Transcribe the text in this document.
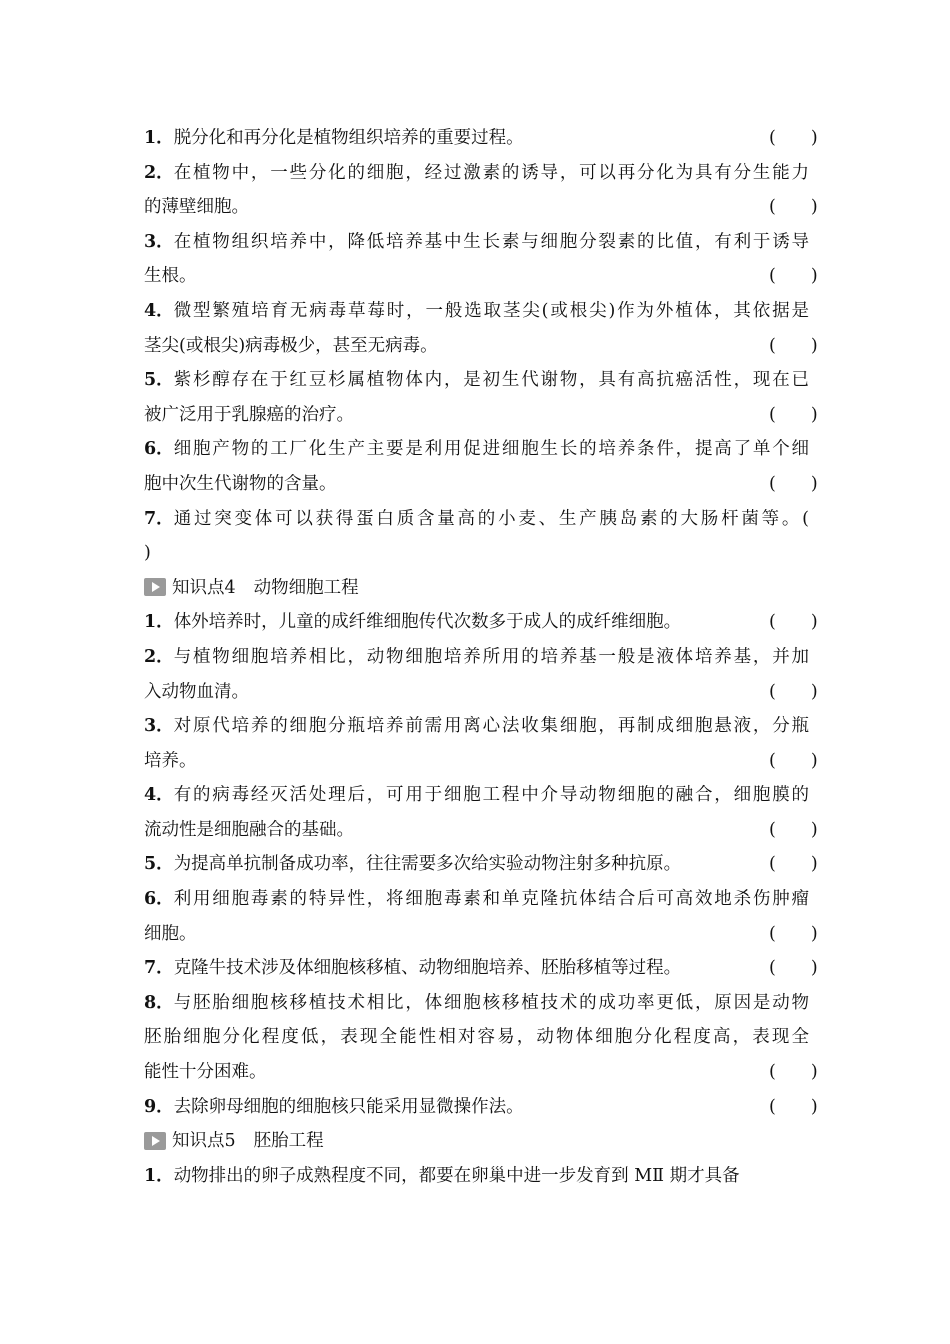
1． 脱分化和再分化是植物组织培养的重要过程。	(　　)
2． 在植物中，一些分化的细胞，经过激素的诱导，可以再分化为具有分生能力
的薄壁细胞。	(　　)
3． 在植物组织培养中，降低培养基中生长素与细胞分裂素的比值，有利于诱导
生根。	(　　)
4． 微型繁殖培育无病毒草莓时，一般选取茎尖(或根尖)作为外植体，其依据是
茎尖(或根尖)病毒极少，甚至无病毒。	(　　)
5． 紫杉醇存在于红豆杉属植物体内，是初生代谢物，具有高抗癌活性，现在已
被广泛用于乳腺癌的治疗。	(　　)
6． 细胞产物的工厂化生产主要是利用促进细胞生长的培养条件，提高了单个细
胞中次生代谢物的含量。	(　　)
7． 通过突变体可以获得蛋白质含量高的小麦、生产胰岛素的大肠杆菌等。(
)
知识点 4 动物细胞工程
1． 体外培养时，儿童的成纤维细胞传代次数多于成人的成纤维细胞。	(　　)
2． 与植物细胞培养相比，动物细胞培养所用的培养基一般是液体培养基，并加
入动物血清。	(　　)
3． 对原代培养的细胞分瓶培养前需用离心法收集细胞，再制成细胞悬液，分瓶
培养。	(　　)
4． 有的病毒经灭活处理后，可用于细胞工程中介导动物细胞的融合，细胞膜的
流动性是细胞融合的基础。	(　　)
5． 为提高单抗制备成功率，往往需要多次给实验动物注射多种抗原。	(　　)
6． 利用细胞毒素的特异性，将细胞毒素和单克隆抗体结合后可高效地杀伤肿瘤
细胞。	(　　)
7． 克隆牛技术涉及体细胞核移植、动物细胞培养、胚胎移植等过程。	(　　)
8． 与胚胎细胞核移植技术相比，体细胞核移植技术的成功率更低，原因是动物
胚胎细胞分化程度低，表现全能性相对容易，动物体细胞分化程度高，表现全
能性十分困难。	(　　)
9． 去除卵母细胞的细胞核只能采用显微操作法。	(　　)
知识点 5 胚胎工程
1． 动物排出的卵子成熟程度不同，都要在卵巢中进一步发育到 MⅡ 期才具备
